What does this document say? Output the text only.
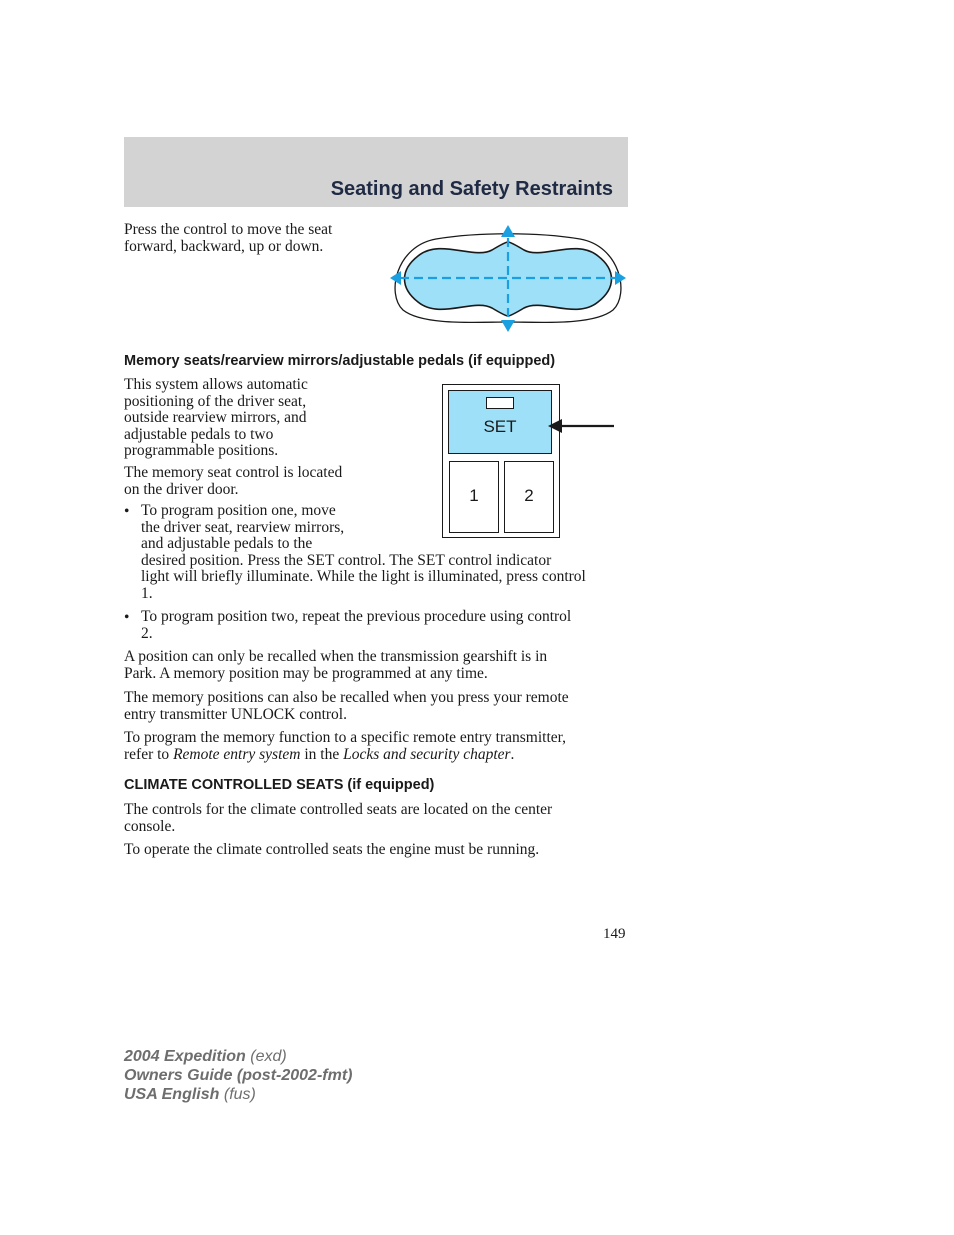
Seating and Safety Restraints

Press the control to move the seat
forward, backward, up or down.

Memory seats/rearview mirrors/adjustable pedals (if equipped)

This system allows automatic
positioning of the driver seat,
outside rearview mirrors, and
adjustable pedals to two
programmable positions.

The memory seat control is located
on the driver door.

• To program position one, move
the driver seat, rearview mirrors,
and adjustable pedals to the
desired position. Press the SET control. The SET control indicator
light will briefly illuminate. While the light is illuminated, press control
1.

• To program position two, repeat the previous procedure using control
2.

A position can only be recalled when the transmission gearshift is in
Park. A memory position may be programmed at any time.

The memory positions can also be recalled when you press your remote
entry transmitter UNLOCK control.

To program the memory function to a specific remote entry transmitter,
refer to Remote entry system in the Locks and security chapter.

SET
1	2
CLIMATE CONTROLLED SEATS (if equipped)

The controls for the climate controlled seats are located on the center
console.

To operate the climate controlled seats the engine must be running.

149

2004 Expedition (exd)
Owners Guide (post-2002-fmt)
USA English (fus)
